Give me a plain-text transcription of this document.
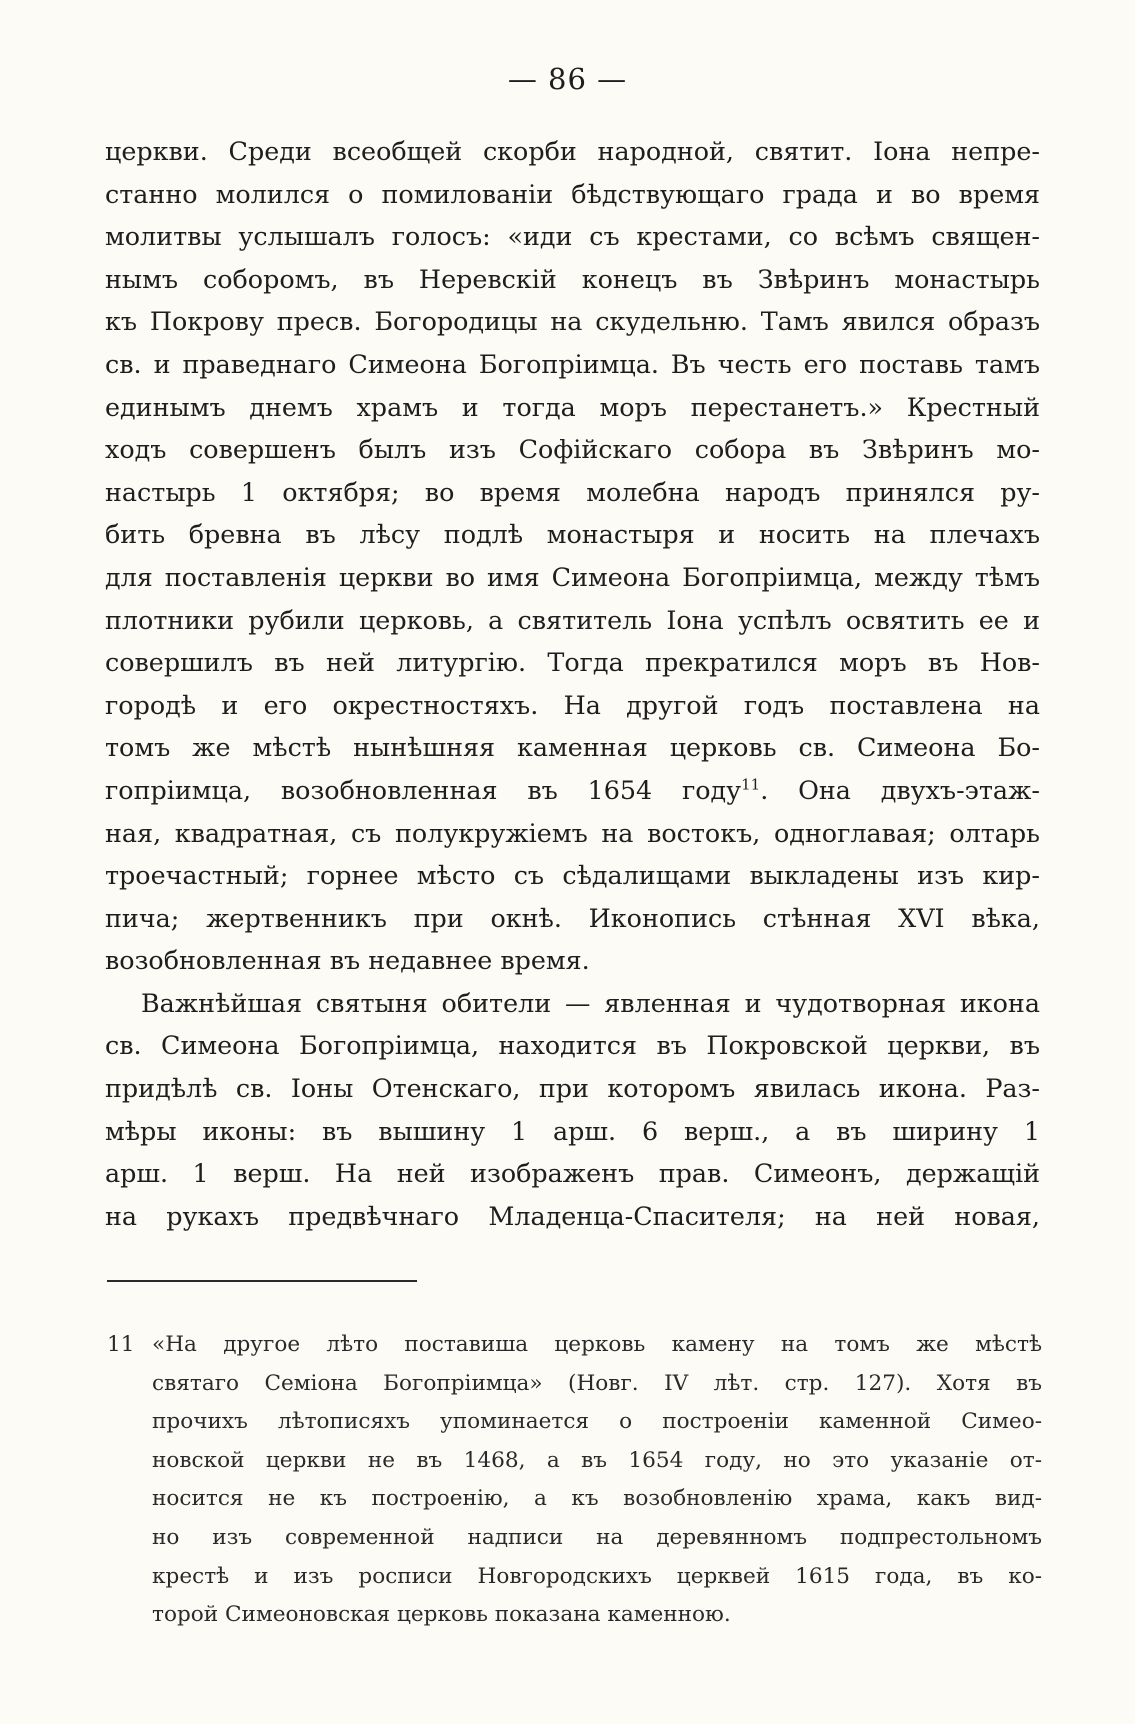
— 86 —
церкви. Среди всеобщей скорби народной, святит. Іона непре-
станно молился о помилованіи бѣдствующаго града и во время
молитвы услышалъ голосъ: «иди съ крестами, со всѣмъ священ-
нымъ соборомъ, въ Неревскій конецъ въ Звѣринъ монастырь
къ Покрову пресв. Богородицы на скудельню. Тамъ явился образъ
св. и праведнаго Симеона Богопріимца. Въ честь его поставь тамъ
единымъ днемъ храмъ и тогда моръ перестанетъ.» Крестный
ходъ совершенъ былъ изъ Софійскаго собора въ Звѣринъ мо-
настырь 1 октября; во время молебна народъ принялся ру-
бить бревна въ лѣсу подлѣ монастыря и носить на плечахъ
для поставленія церкви во имя Симеона Богопріимца, между тѣмъ
плотники рубили церковь, а святитель Іона успѣлъ освятить ее и
совершилъ въ ней литургію. Тогда прекратился моръ въ Нов-
городѣ и его окрестностяхъ. На другой годъ поставлена на
томъ же мѣстѣ нынѣшняя каменная церковь св. Симеона Бо-
гопріимца, возобновленная въ 1654 году$^{11}$. Она двухъ-этаж-
ная, квадратная, съ полукружіемъ на востокъ, одноглавая; олтарь
троечастный; горнее мѣсто съ сѣдалищами выкладены изъ кир-
пича; жертвенникъ при окнѣ. Иконопись стѣнная XVI вѣка,
возобновленная въ недавнее время.
Важнѣйшая святыня обители — явленная и чудотворная икона
св. Симеона Богопріимца, находится въ Покровской церкви, въ
придѣлѣ св. Іоны Отенскаго, при которомъ явилась икона. Раз-
мѣры иконы: въ вышину 1 арш. 6 верш., а въ ширину 1
арш. 1 верш. На ней изображенъ прав. Симеонъ, держащій
на рукахъ предвѣчнаго Младенца-Спасителя; на ней новая,
11 «На другое лѣто поставиша церковь камену на томъ же мѣстѣ
святаго Семіона Богопріимца» (Новг. IV лѣт. стр. 127). Хотя въ
прочихъ лѣтописяхъ упоминается о построеніи каменной Симео-
новской церкви не въ 1468, а въ 1654 году, но это указаніе от-
носится не къ построенію, а къ возобновленію храма, какъ вид-
но изъ современной надписи на деревянномъ подпрестольномъ
крестѣ и изъ росписи Новгородскихъ церквей 1615 года, въ ко-
торой Симеоновская церковь показана каменною.
